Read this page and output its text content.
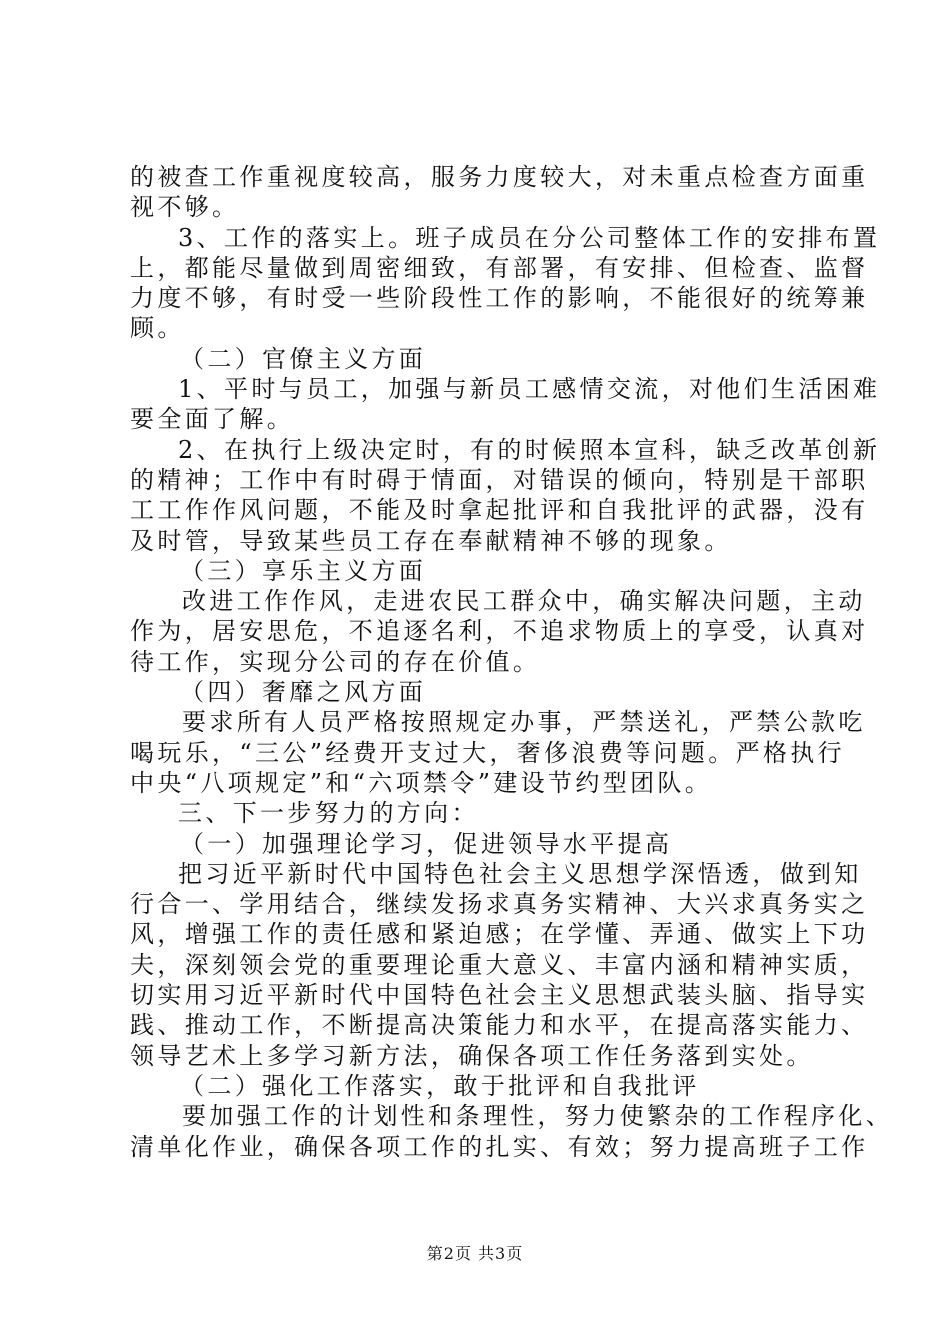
的被查工作重视度较高，服务力度较大，对未重点检查方面重
视不够。
3、工作的落实上。班子成员在分公司整体工作的安排布置
上，都能尽量做到周密细致，有部署，有安排、但检查、监督
力度不够，有时受一些阶段性工作的影响，不能很好的统筹兼
顾。
（二）官僚主义方面
1、平时与员工，加强与新员工感情交流，对他们生活困难
要全面了解。
2、在执行上级决定时，有的时候照本宣科，缺乏改革创新
的精神；工作中有时碍于情面，对错误的倾向，特别是干部职
工工作作风问题，不能及时拿起批评和自我批评的武器，没有
及时管，导致某些员工存在奉献精神不够的现象。
（三）享乐主义方面
改进工作作风，走进农民工群众中，确实解决问题，主动
作为，居安思危，不追逐名利，不追求物质上的享受，认真对
待工作，实现分公司的存在价值。
（四）奢靡之风方面
要求所有人员严格按照规定办事，严禁送礼，严禁公款吃
喝玩乐，“三公”经费开支过大，奢侈浪费等问题。严格执行
中央“八项规定”和“六项禁令”建设节约型团队。
三、下一步努力的方向：
（一）加强理论学习，促进领导水平提高
把习近平新时代中国特色社会主义思想学深悟透，做到知
行合一、学用结合，继续发扬求真务实精神、大兴求真务实之
风，增强工作的责任感和紧迫感；在学懂、弄通、做实上下功
夫，深刻领会党的重要理论重大意义、丰富内涵和精神实质，
切实用习近平新时代中国特色社会主义思想武装头脑、指导实
践、推动工作，不断提高决策能力和水平，在提高落实能力、
领导艺术上多学习新方法，确保各项工作任务落到实处。
（二）强化工作落实，敢于批评和自我批评
要加强工作的计划性和条理性，努力使繁杂的工作程序化、
清单化作业，确保各项工作的扎实、有效；努力提高班子工作
第2页 共3页
